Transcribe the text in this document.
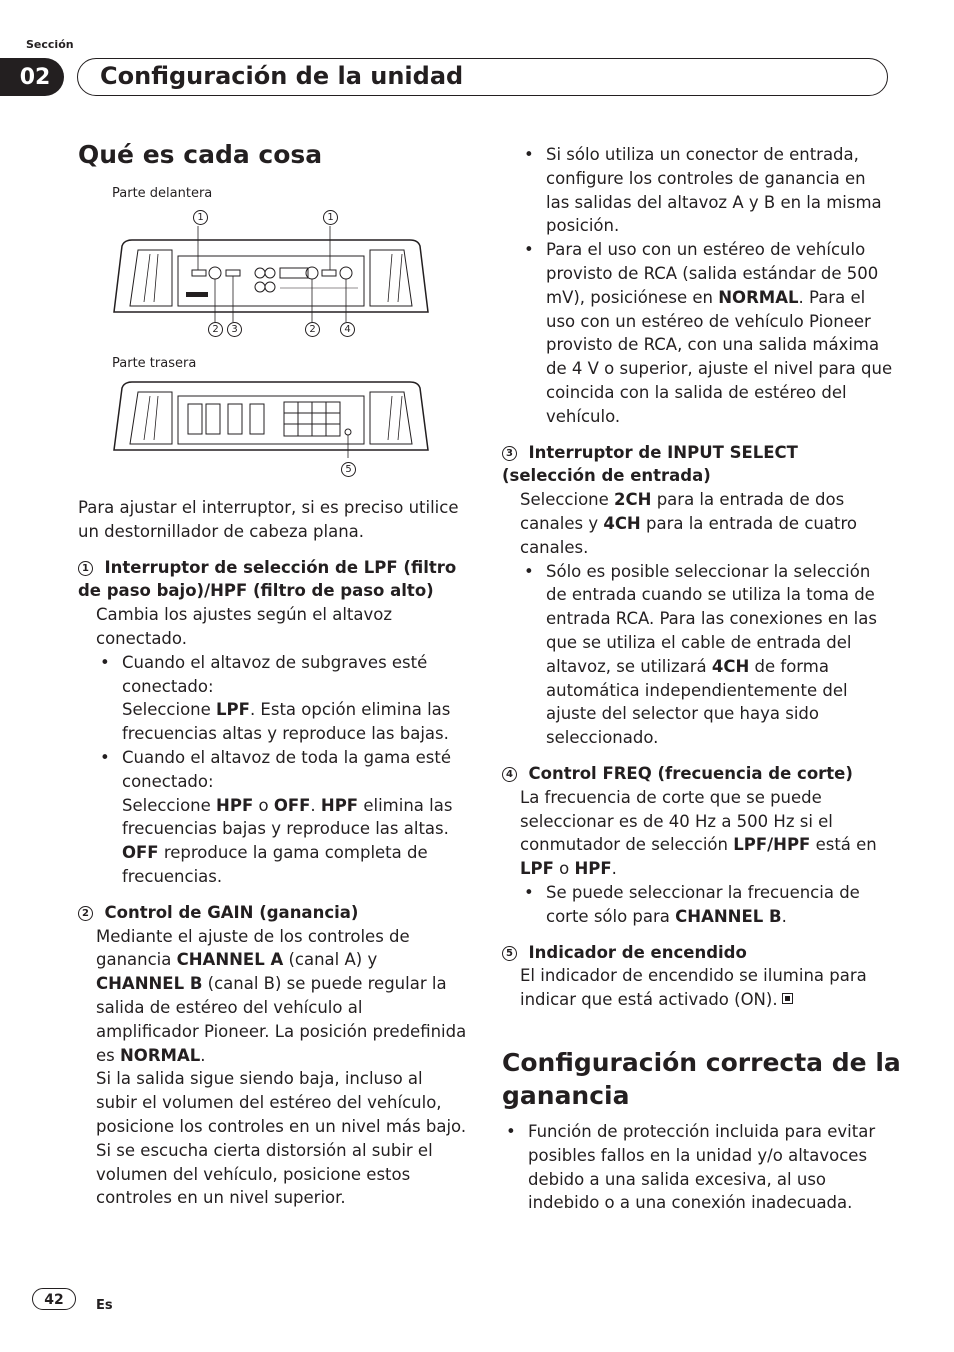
Sección
02	Configuración de la unidad
Qué es cada cosa
Parte delantera
1	1
2	3	2	4
Parte trasera
5

Para ajustar el interruptor, si es preciso utilice un destornillador de cabeza plana.

1 Interruptor de selección de LPF (filtro de paso bajo)/HPF (filtro de paso alto)

Cambia los ajustes según el altavoz conectado.

• Cuando el altavoz de subgraves esté conectado:
Seleccione LPF. Esta opción elimina las frecuencias altas y reproduce las bajas.
• Cuando el altavoz de toda la gama esté conectado:
Seleccione HPF o OFF. HPF elimina las frecuencias bajas y reproduce las altas. OFF reproduce la gama completa de frecuencias.

2 Control de GAIN (ganancia)

Mediante el ajuste de los controles de ganancia CHANNEL A (canal A) y CHANNEL B (canal B) se puede regular la salida de estéreo del vehículo al amplificador Pioneer. La posición predefinida es NORMAL.

Si la salida sigue siendo baja, incluso al subir el volumen del estéreo del vehículo, posicione los controles en un nivel más bajo. Si se escucha cierta distorsión al subir el volumen del vehículo, posicione estos controles en un nivel superior.

• Si sólo utiliza un conector de entrada, configure los controles de ganancia en las salidas del altavoz A y B en la misma posición.
• Para el uso con un estéreo de vehículo provisto de RCA (salida estándar de 500 mV), posiciónese en NORMAL. Para el uso con un estéreo de vehículo Pioneer provisto de RCA, con una salida máxima de 4 V o superior, ajuste el nivel para que coincida con la salida de estéreo del vehículo.

3 Interruptor de INPUT SELECT (selección de entrada)

Seleccione 2CH para la entrada de dos canales y 4CH para la entrada de cuatro canales.

• Sólo es posible seleccionar la selección de entrada cuando se utiliza la toma de entrada RCA. Para las conexiones en las que se utiliza el cable de entrada del altavoz, se utilizará 4CH de forma automática independientemente del ajuste del selector que haya sido seleccionado.

4 Control FREQ (frecuencia de corte)

La frecuencia de corte que se puede seleccionar es de 40 Hz a 500 Hz si el conmutador de selección LPF/HPF está en LPF o HPF.

• Se puede seleccionar la frecuencia de corte sólo para CHANNEL B.

5 Indicador de encendido

El indicador de encendido se ilumina para indicar que está activado (ON).

Configuración correcta de la ganancia
• Función de protección incluida para evitar posibles fallos en la unidad y/o altavoces debido a una salida excesiva, al uso indebido o a una conexión inadecuada.
42	Es
